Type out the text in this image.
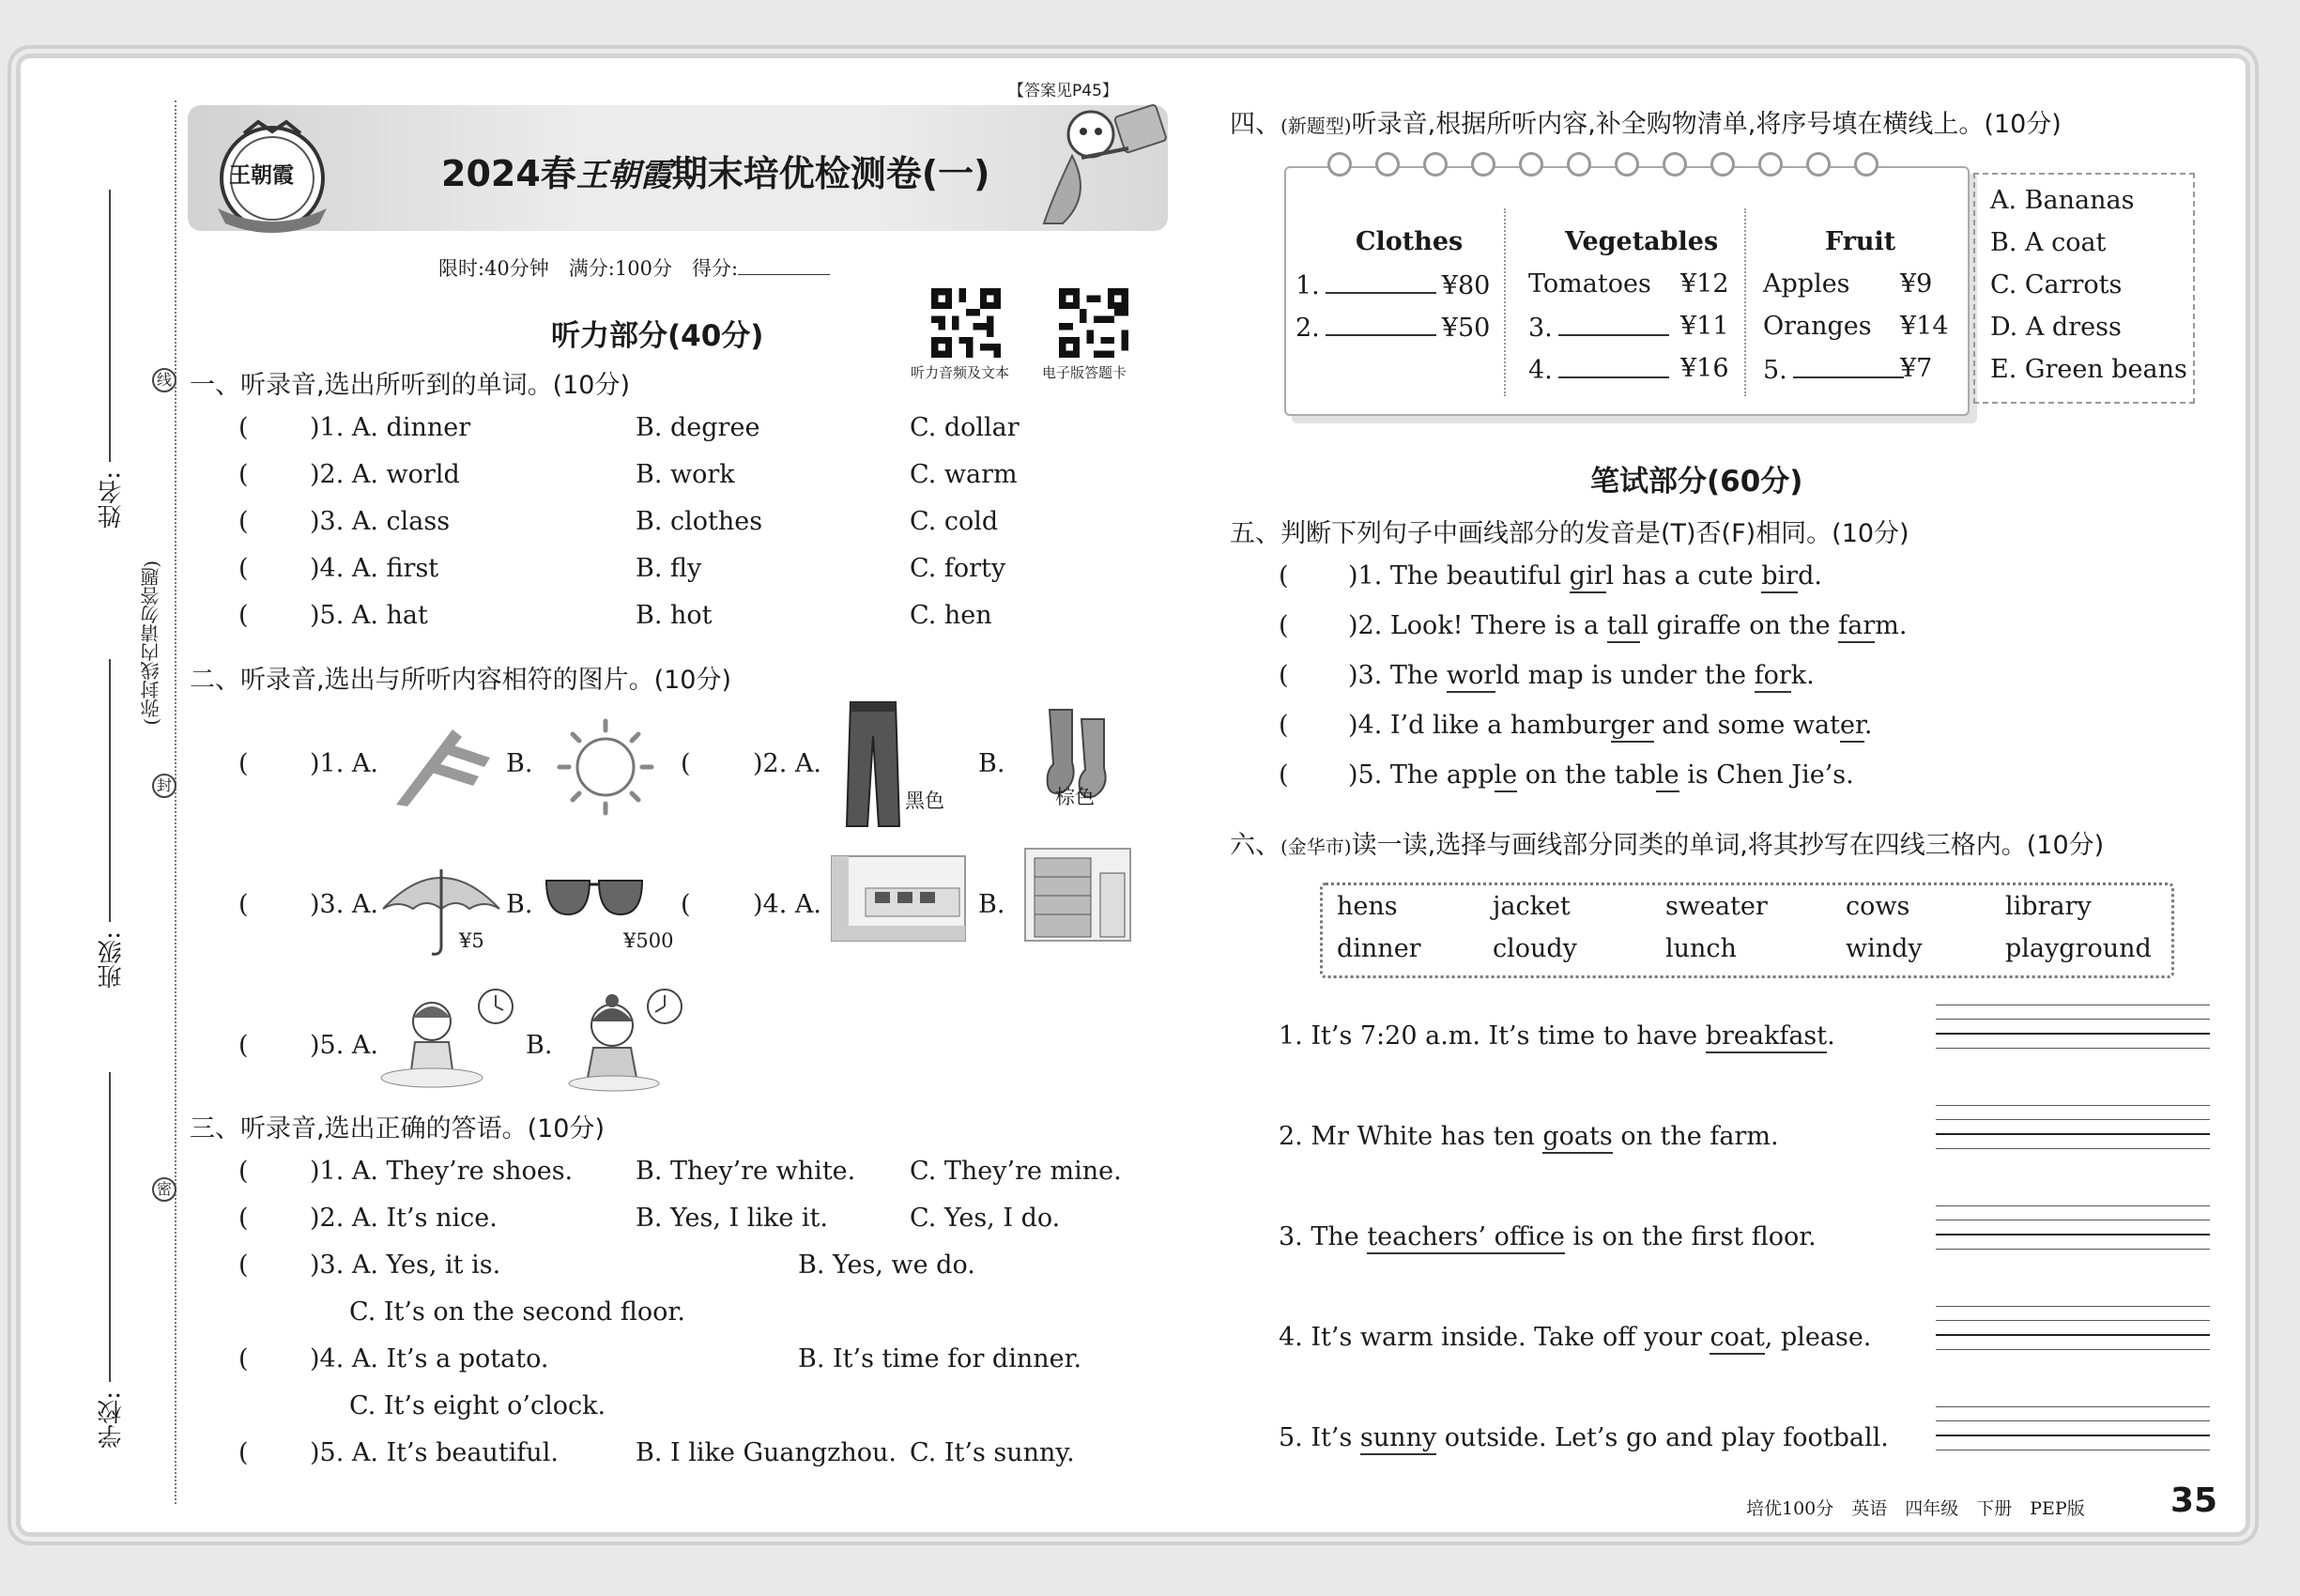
姓名:
班级:
学校:
(弥封线内请勿答题)
线
封
密
【答案见P45】
王朝霞	2024春王朝霞期末培优检测卷(一)
限时:40分钟　满分:100分　得分:
听力音频及文本 电子版答题卡
听力部分(40分)
一、听录音,选出所听到的单词。(10分)
( )1. A. dinner	B. degree	C. dollar
( )2. A. world	B. work	C. warm
( )3. A. class	B. clothes	C. cold
( )4. A. first	B. fly	C. forty
( )5. A. hat	B. hot	C. hen
二、听录音,选出与所听内容相符的图片。(10分)
( )1. A.	B.	( )2. A.
黑色
B.
棕色
( )3. A.
¥5
B.
¥500
( )4. A.	B.
( )5. A.	B.
三、听录音,选出正确的答语。(10分)
( )1. A. They’re shoes. B. They’re white. C. They’re mine.
( )2. A. It’s nice.	B. Yes, I like it.	C. Yes, I do.
( )3. A. Yes, it is.	B. Yes, we do.
C. It’s on the second floor.
( )4. A. It’s a potato.	B. It’s time for dinner.
C. It’s eight o’clock.
( )5. A. It’s beautiful.	B. I like Guangzhou. C. It’s sunny.
四、(新题型)听录音,根据所听内容,补全购物清单,将序号填在横线上。(10分)
Clothes
1.	¥80
2.	¥50
Vegetables
Tomatoes ¥12
3.	¥11
4.	¥16
Fruit
Apples ¥9
Oranges ¥14
5.	¥7
A. Bananas
B. A coat
C. Carrots
D. A dress
E. Green beans
笔试部分(60分)
五、判断下列句子中画线部分的发音是(T)否(F)相同。(10分)
( )1. The beautiful girl has a cute bird.
( )2. Look! There is a tall giraffe on the farm.
( )3. The world map is under the fork.
( )4. I’d like a hamburger and some water.
( )5. The apple on the table is Chen Jie’s.
六、(金华市)读一读,选择与画线部分同类的单词,将其抄写在四线三格内。(10分)
hens	jacket	sweater	cows	library
dinner	cloudy	lunch	windy	playground
1. It’s 7:20 a.m. It’s time to have breakfast.
2. Mr White has ten goats on the farm.
3. The teachers’ office is on the first floor.
4. It’s warm inside. Take off your coat, please.
5. It’s sunny outside. Let’s go and play football.
培优100分　英语　四年级　下册　PEP版	35
